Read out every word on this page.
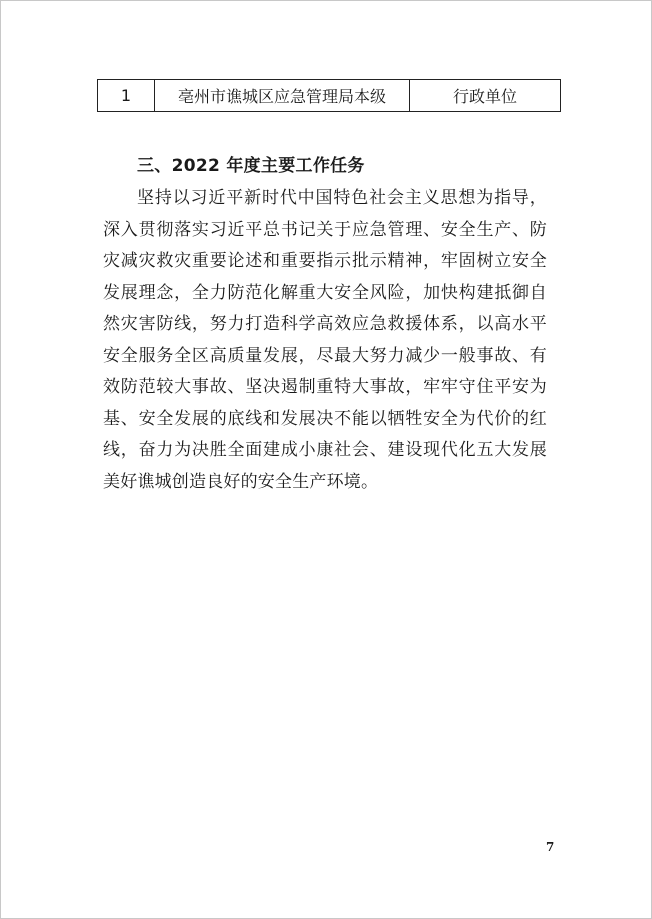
1	亳州市谯城区应急管理局本级	行政单位
三、2022 年度主要工作任务

坚持以习近平新时代中国特色社会主义思想为指导，深入贯彻落实习近平总书记关于应急管理、安全生产、防灾减灾救灾重要论述和重要指示批示精神，牢固树立安全发展理念，全力防范化解重大安全风险，加快构建抵御自然灾害防线，努力打造科学高效应急救援体系，以高水平安全服务全区高质量发展，尽最大努力减少一般事故、有效防范较大事故、坚决遏制重特大事故，牢牢守住平安为基、安全发展的底线和发展决不能以牺牲安全为代价的红线，奋力为决胜全面建成小康社会、建设现代化五大发展美好谯城创造良好的安全生产环境。

7
